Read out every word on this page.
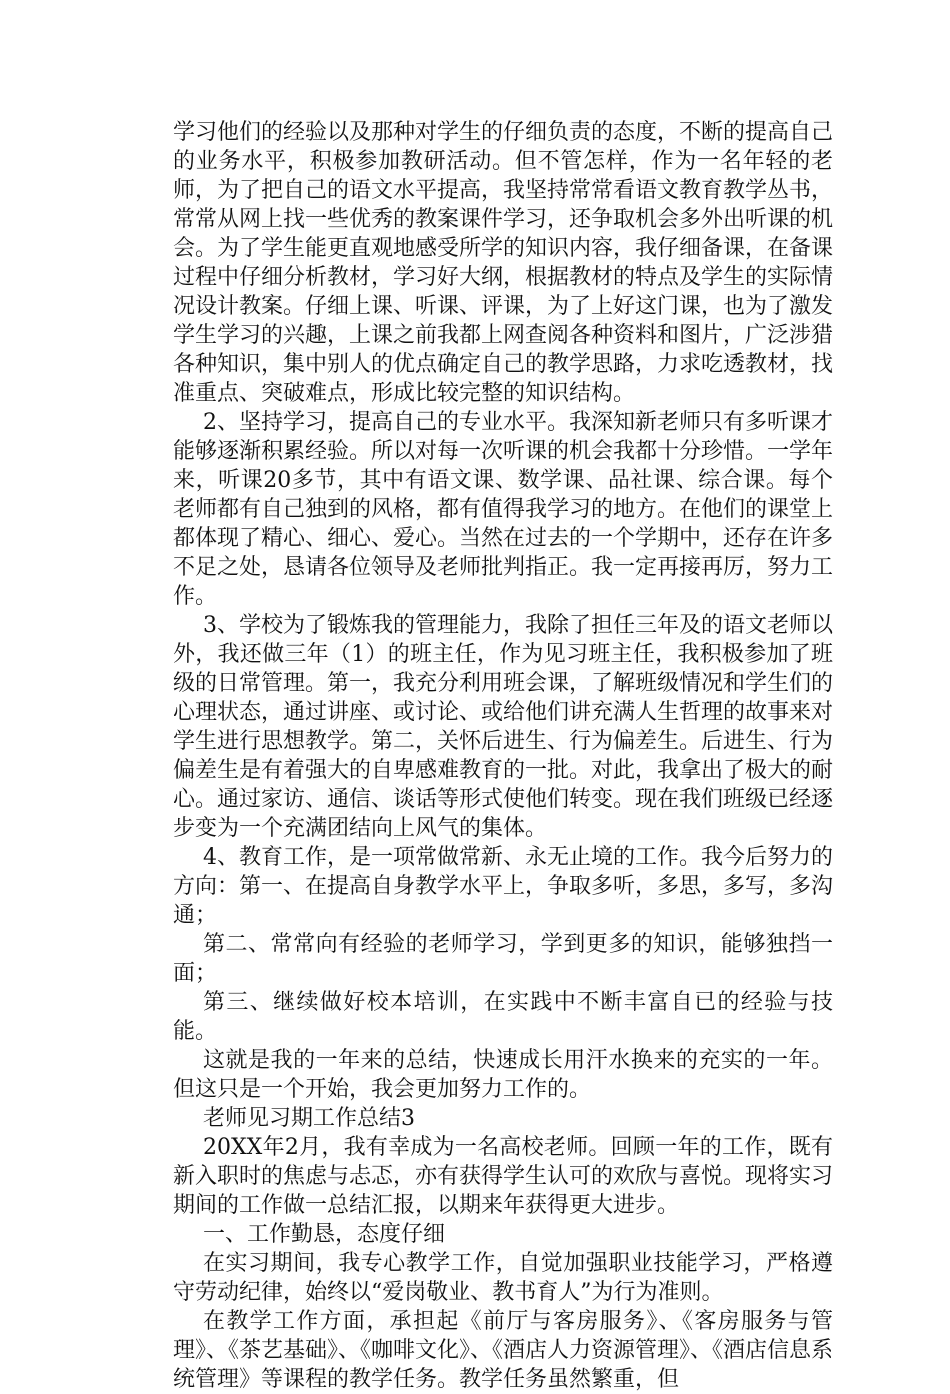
学习他们的经验以及那种对学生的仔细负责的态度，不断的提高自己的业务水平，积极参加教研活动。但不管怎样，作为一名年轻的老师，为了把自己的语文水平提高，我坚持常常看语文教育教学丛书，常常从网上找一些优秀的教案课件学习，还争取机会多外出听课的机会。为了学生能更直观地感受所学的知识内容，我仔细备课，在备课过程中仔细分析教材，学习好大纲，根据教材的特点及学生的实际情况设计教案。仔细上课、听课、评课，为了上好这门课，也为了激发学生学习的兴趣，上课之前我都上网查阅各种资料和图片，广泛涉猎各种知识，集中别人的优点确定自己的教学思路，力求吃透教材，找准重点、突破难点，形成比较完整的知识结构。

2、坚持学习，提高自己的专业水平。我深知新老师只有多听课才能够逐渐积累经验。所以对每一次听课的机会我都十分珍惜。一学年来，听课20多节，其中有语文课、数学课、品社课、综合课。每个老师都有自己独到的风格，都有值得我学习的地方。在他们的课堂上都体现了精心、细心、爱心。当然在过去的一个学期中，还存在许多不足之处，恳请各位领导及老师批判指正。我一定再接再厉，努力工作。

3、学校为了锻炼我的管理能力，我除了担任三年及的语文老师以外，我还做三年（1）的班主任，作为见习班主任，我积极参加了班级的日常管理。第一，我充分利用班会课，了解班级情况和学生们的心理状态，通过讲座、或讨论、或给他们讲充满人生哲理的故事来对学生进行思想教学。第二，关怀后进生、行为偏差生。后进生、行为偏差生是有着强大的自卑感难教育的一批。对此，我拿出了极大的耐心。通过家访、通信、谈话等形式使他们转变。现在我们班级已经逐步变为一个充满团结向上风气的集体。

4、教育工作，是一项常做常新、永无止境的工作。我今后努力的方向：第一、在提高自身教学水平上，争取多听，多思，多写，多沟通；

第二、常常向有经验的老师学习，学到更多的知识，能够独挡一面；

第三、继续做好校本培训，在实践中不断丰富自已的经验与技能。

这就是我的一年来的总结，快速成长用汗水换来的充实的一年。但这只是一个开始，我会更加努力工作的。

老师见习期工作总结3

20XX年2月，我有幸成为一名高校老师。回顾一年的工作，既有新入职时的焦虑与忐忑，亦有获得学生认可的欢欣与喜悦。现将实习期间的工作做一总结汇报，以期来年获得更大进步。

一、工作勤恳，态度仔细

在实习期间，我专心教学工作，自觉加强职业技能学习，严格遵守劳动纪律，始终以“爱岗敬业、教书育人”为行为准则。

在教学工作方面，承担起《前厅与客房服务》、《客房服务与管理》、《茶艺基础》、《咖啡文化》、《酒店人力资源管理》、《酒店信息系统管理》等课程的教学任务。教学任务虽然繁重，但
